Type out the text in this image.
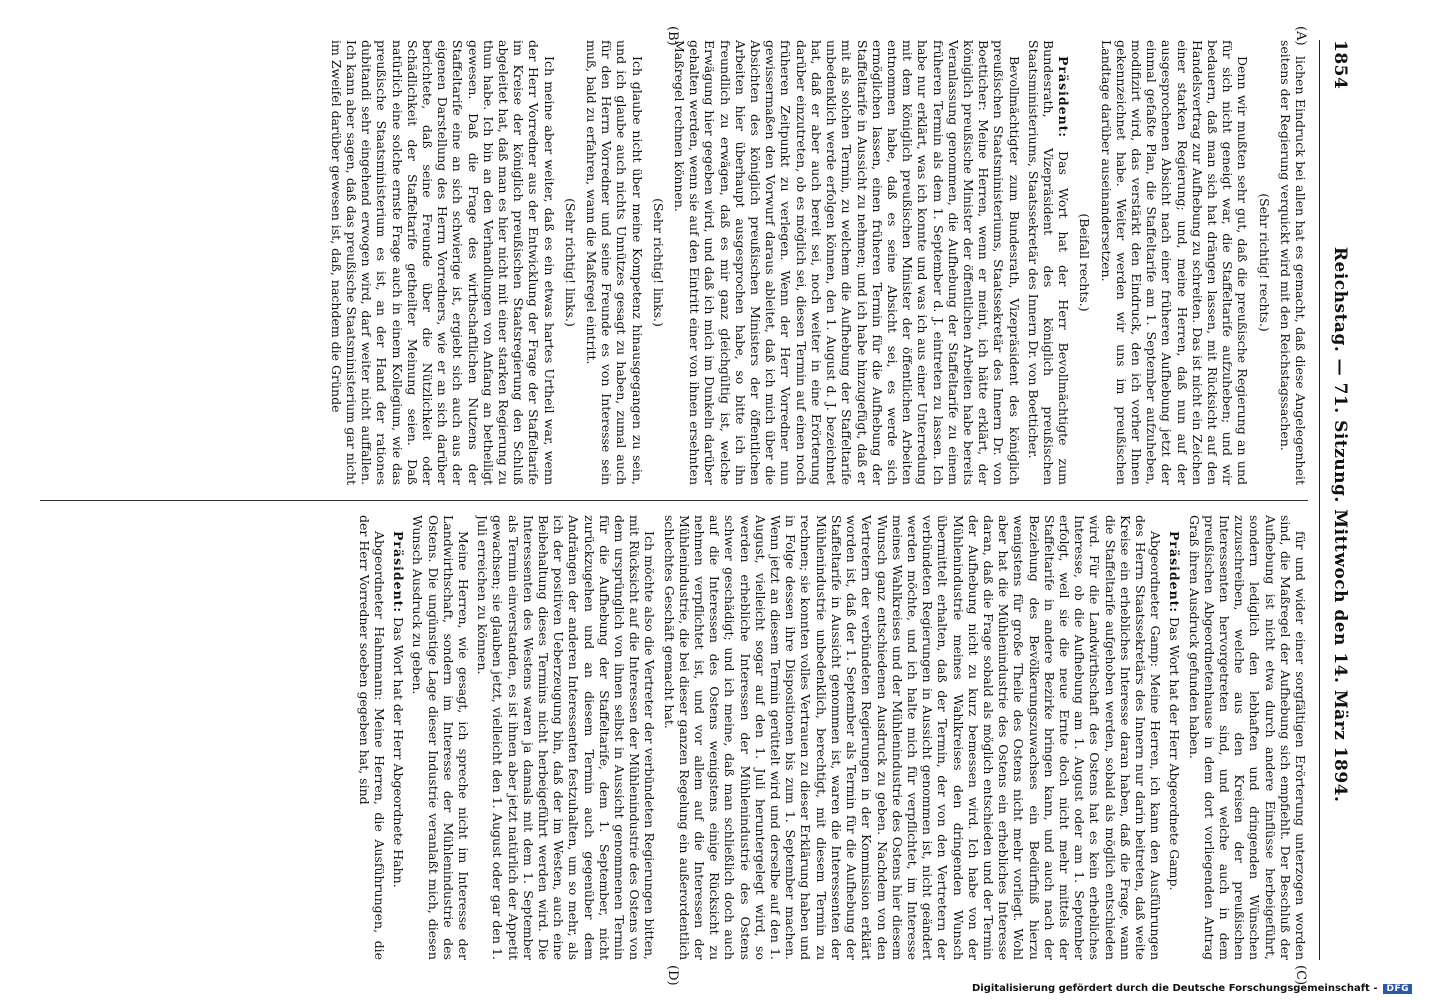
1854
Reichstag. — 71. Sitzung. Mittwoch den 14. März 1894.
(A)
(B)
(C)
(D)

lichen Eindruck bei allen hat es gemacht, daß diese Angelegenheit seitens der Regierung verquickt wird mit den Reichstagssachen.

(Sehr richtig! rechts.)

Denn wir mußten sehr gut, daß die preußische Regierung an und für sich nicht geneigt war, die Staffeltarife aufzuheben; und wir bedauern, daß man sich hat drängen lassen, mit Rücksicht auf den Handelsvertrag zur Aufhebung zu schreiten. Das ist nicht ein Zeichen einer starken Regierung; und, meine Herren, daß nun auf der ausgesprochenen Absicht nach einer früheren Aufhebung jetzt der einmal gefaßte Plan, die Staffeltarife am 1. September aufzuheben, modifizirt wird, das verstärkt den Eindruck, den ich vorher Ihnen gekennzeichnet habe. Weiter werden wir uns im preußischen Landtage darüber auseinandersetzen.

(Beifall rechts.)

Präsident: Das Wort hat der Herr Bevollmächtigte zum Bundesrath, Vizepräsident des königlich preußischen Staatsministeriums, Staatssekretär des Innern Dr. von Boetticher.

Bevollmächtigter zum Bundesrath, Vizepräsident des königlich preußischen Staatsministeriums, Staatssekretär des Innern Dr. von Boetticher: Meine Herren, wenn er meint, ich hätte erklärt, der königlich preußische Minister der öffentlichen Arbeiten habe bereits Veranlassung genommen, die Aufhebung der Staffeltarife zu einem früheren Termin als dem 1. September d. J. eintreten zu lassen. Ich habe nur erklärt, was ich konnte und was ich aus einer Unterredung mit dem königlich preußischen Minister der öffentlichen Arbeiten entnommen habe, daß es seine Absicht sei, es werde sich ermöglichen lassen, einen früheren Termin für die Aufhebung der Staffeltarife in Aussicht zu nehmen; und ich habe hinzugefügt, daß er mit als solchen Termin, zu welchem die Aufhebung der Staffeltarife unbedenklich werde erfolgen können, den 1. August d. J. bezeichnet hat, daß er aber auch bereit sei, noch weiter in eine Erörterung darüber einzutreten, ob es möglich sei, diesen Termin auf einen noch früheren Zeitpunkt zu verlegen. Wenn der Herr Vorredner nun gewissermaßen den Vorwurf daraus ableitet, daß ich mich über die Absichten des königlich preußischen Ministers der öffentlichen Arbeiten hier überhaupt ausgesprochen habe, so bitte ich ihn freundlich zu erwägen, daß es mir ganz gleichgültig ist, welche Erwägung hier gegeben wird, und daß ich mich im Dunkeln darüber gehalten werden, wenn sie auf den Eintritt einer von ihnen ersehnten Maßregel rechnen können.

(Sehr richtig! links.)

Ich glaube nicht über meine Kompetenz hinausgegangen zu sein, und ich glaube auch nichts Unnützes gesagt zu haben, zumal auch für den Herrn Vorredner und seine Freunde es von Interesse sein muß, bald zu erfahren, wann die Maßregel eintritt.

(Sehr richtig! links.)

Ich meine aber weiter, daß es ein etwas hartes Urtheil war, wenn der Herr Vorredner aus der Entwicklung der Frage der Staffeltarife im Kreise der königlich preußischen Staatsregierung den Schluß abgeleitet hat, daß man es hier nicht mit einer starken Regierung zu thun habe. Ich bin an den Verhandlungen von Anfang an betheiligt gewesen. Daß die Frage des wirthschaftlichen Nutzens der Staffeltarife eine an sich schwierige ist, ergiebt sich auch aus der eigenen Darstellung des Herrn Vorredners, wie er an sich darüber berichtete, daß seine Freunde über die Nützlichkeit oder Schädlichkeit der Staffeltarife getheilter Meinung seien. Daß natürlich eine solche ernste Frage auch in einem Kollegium, wie das preußische Staatsministerium es ist, an der Hand der rationes dubitandi sehr eingehend erwogen wird, darf weiter nicht auffallen. Ich kann aber sagen, daß das preußische Staatsministerium gar nicht im Zweifel darüber gewesen ist, daß, nachdem die Gründe

für und wider einer sorgfältigen Erörterung unterzogen worden sind, die Maßregel der Aufhebung sich empfiehlt. Der Beschluß der Aufhebung ist nicht etwa durch andere Einflüsse herbeigeführt, sondern lediglich den lebhaften und dringenden Wünschen zuzuschreiben, welche aus den Kreisen der preußischen Interessenten hervorgetreten sind, und welche auch in dem preußischen Abgeordnetenhause in dem dort vorliegenden Antrag Graß ihren Ausdruck gefunden haben.

Präsident: Das Wort hat der Herr Abgeordnete Gamp.

Abgeordneter Gamp: Meine Herren, ich kann den Ausführungen des Herrn Staatssekretärs des Innern nur darin beitreten, daß weite Kreise ein erhebliches Interesse daran haben, daß die Frage, wann die Staffeltarife aufgehoben werden, sobald als möglich entschieden wird. Für die Landwirthschaft des Ostens hat es kein erhebliches Interesse, ob die Aufhebung am 1. August oder am 1. September erfolgt, weil sie die neue Ernte doch nicht mehr mittels der Staffeltarife in andere Bezirke bringen kann, und auch nach der Beziehung des Bevölkerungszuwachses ein Bedürfniß hierzu wenigstens für große Theile des Ostens nicht mehr vorliegt. Wohl aber hat die Mühlenindustrie des Ostens ein erhebliches Interesse daran, daß die Frage sobald als möglich entschieden und der Termin der Aufhebung nicht zu kurz bemessen wird. Ich habe von der Mühlenindustrie meines Wahlkreises den dringenden Wunsch übermittelt erhalten, daß der Termin, der von den Vertretern der verbündeten Regierungen in Aussicht genommen ist, nicht geändert werden möchte, und ich halte mich für verpflichtet, im Interesse meines Wahlkreises und der Mühlenindustrie des Ostens hier diesem Wunsch ganz entschiedenen Ausdruck zu geben. Nachdem von den Vertretern der verbündeten Regierungen in der Kommission erklärt worden ist, daß der 1. September als Termin für die Aufhebung der Staffeltarife in Aussicht genommen ist, waren die Interessenten der Mühlenindustrie unbedenklich, berechtigt, mit diesem Termin zu rechnen; sie konnten volles Vertrauen zu dieser Erklärung haben und in Folge dessen ihre Dispositionen bis zum 1. September machen. Wenn jetzt an diesem Termin gerüttelt wird und derselbe auf den 1. August, vielleicht sogar auf den 1. Juli heruntergelegt wird, so werden erhebliche Interessen der Mühlenindustrie des Ostens schwer geschädigt; und ich meine, daß man schließlich doch auch auf die Interessen des Ostens wenigstens einige Rücksicht zu nehmen verpflichtet ist, und vor allem auf die Interessen der Mühlenindustrie, die bei dieser ganzen Regelung ein außerordentlich schlechtes Geschäft gemacht hat.

Ich möchte also die Vertreter der verbündeten Regierungen bitten, mit Rücksicht auf die Interessen der Mühlenindustrie des Ostens von dem ursprünglich von ihnen selbst in Aussicht genommenen Termin für die Aufhebung der Staffeltarife, dem 1. September, nicht zurückzugehen und an diesem Termin auch gegenüber dem Andrängen der anderen Interessenten festzuhalten, um so mehr, als ich der positiven Ueberzeugung bin, daß der im Westen, auch eine Beibehaltung dieses Termins nicht herbeigeführt werden wird. Die Interessenten des Westens waren ja damals mit dem 1. September als Termin einverstanden, es ist ihnen aber jetzt natürlich der Appetit gewachsen; sie glauben jetzt, vielleicht den 1. August oder gar den 1. Juli erreichen zu können.

Meine Herren, wie gesagt, ich spreche nicht im Interesse der Landwirthschaft, sondern im Interesse der Mühlenindustrie des Ostens. Die ungünstige Lage dieser Industrie veranlaßt mich, diesen Wunsch Ausdruck zu geben.

Präsident: Das Wort hat der Herr Abgeordnete Hahn.

Abgeordneter Hahnmann: Meine Herren, die Ausführungen, die der Herr Vorredner soeben gegeben hat, sind

Digitalisierung gefördert durch die Deutsche Forschungsgemeinschaft -	DFG
